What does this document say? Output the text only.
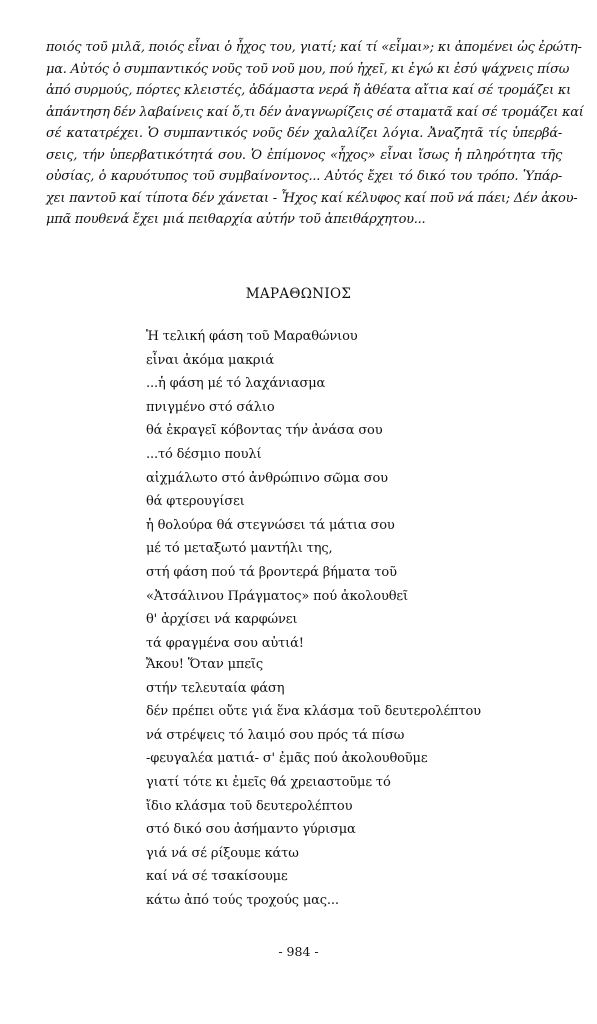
ποιός τοῦ μιλᾶ, ποιός εἶναι ὁ ἦχος του, γιατί; καί τί «εἶμαι»; κι ἀπομένει ὡς ἐρώτη-
μα. Αὐτός ὁ συμπαντικός νοῦς τοῦ νοῦ μου, πού ἠχεῖ, κι ἐγώ κι ἐσύ ψάχνεις πίσω
ἀπό συρμούς, πόρτες κλειστές, ἀδάμαστα νερά ἤ ἀθέατα αἴτια καί σέ τρομάζει κι
ἀπάντηση δέν λαβαίνεις καί ὅ,τι δέν ἀναγνωρίζεις σέ σταματᾶ καί σέ τρομάζει καί
σέ κατατρέχει. Ὁ συμπαντικός νοῦς δέν χαλαλίζει λόγια. Ἀναζητᾶ τίς ὑπερβά-
σεις, τήν ὑπερβατικότητά σου. Ὁ ἐπίμονος «ἦχος» εἶναι ἴσως ἡ πληρότητα τῆς
οὐσίας, ὁ καρυότυπος τοῦ συμβαίνοντος... Αὐτός ἔχει τό δικό του τρόπο. Ὑπάρ-
χει παντοῦ καί τίποτα δέν χάνεται - Ἦχος καί κέλυφος καί ποῦ νά πάει; Δέν ἀκου-
μπᾶ πουθενά ἔχει μιά πειθαρχία αὐτήν τοῦ ἀπειθάρχητου...
ΜΑΡΑΘΩΝΙΟΣ
Ἡ τελική φάση τοῦ Μαραθώνιου
εἶναι ἀκόμα μακριά
...ἡ φάση μέ τό λαχάνιασμα
πνιγμένο στό σάλιο
θά ἐκραγεῖ κόβοντας τήν ἀνάσα σου
...τό δέσμιο πουλί
αἰχμάλωτο στό ἀνθρώπινο σῶμα σου
θά φτερουγίσει
ἡ θολούρα θά στεγνώσει τά μάτια σου
μέ τό μεταξωτό μαντήλι της,
στή φάση πού τά βροντερά βήματα τοῦ
«Ἀτσάλινου Πράγματος» πού ἀκολουθεῖ
θ' ἀρχίσει νά καρφώνει
τά φραγμένα σου αὐτιά!
Ἄκου! Ὅταν μπεῖς
στήν τελευταία φάση
δέν πρέπει οὔτε γιά ἕνα κλάσμα τοῦ δευτερολέπτου
νά στρέψεις τό λαιμό σου πρός τά πίσω
-φευγαλέα ματιά- σ' ἐμᾶς πού ἀκολουθοῦμε
γιατί τότε κι ἐμεῖς θά χρειαστοῦμε τό
ἴδιο κλάσμα τοῦ δευτερολέπτου
στό δικό σου ἀσήμαντο γύρισμα
γιά νά σέ ρίξουμε κάτω
καί νά σέ τσακίσουμε
κάτω ἀπό τούς τροχούς μας...

- 984 -
